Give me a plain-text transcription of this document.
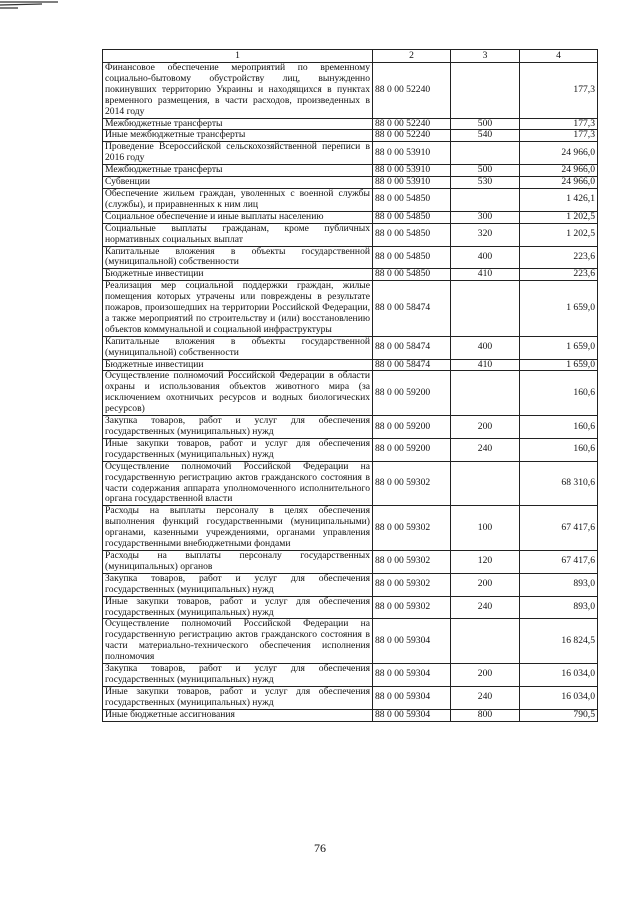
1	2	3	4
Финансовое обеспечение мероприятий по временному социально-бытовому обустройству лиц, вынужденно покинувших территорию Украины и находящихся в пунктах временного размещения, в части расходов, произведенных в 2014 году	88 0 00 52240		177,3
Межбюджетные трансферты	88 0 00 52240	500	177,3
Иные межбюджетные трансферты	88 0 00 52240	540	177,3
Проведение Всероссийской сельскохозяйственной переписи в 2016 году	88 0 00 53910		24 966,0
Межбюджетные трансферты	88 0 00 53910	500	24 966,0
Субвенции	88 0 00 53910	530	24 966,0
Обеспечение жильем граждан, уволенных с военной службы (службы), и приравненных к ним лиц	88 0 00 54850		1 426,1
Социальное обеспечение и иные выплаты населению	88 0 00 54850	300	1 202,5
Социальные выплаты гражданам, кроме публичных нормативных социальных выплат	88 0 00 54850	320	1 202,5
Капитальные вложения в объекты государственной (муниципальной) собственности	88 0 00 54850	400	223,6
Бюджетные инвестиции	88 0 00 54850	410	223,6
Реализация мер социальной поддержки граждан, жилые помещения которых утрачены или повреждены в результате пожаров, произошедших на территории Российской Федерации, а также мероприятий по строительству и (или) восстановлению объектов коммунальной и социальной инфраструктуры	88 0 00 58474		1 659,0
Капитальные вложения в объекты государственной (муниципальной) собственности	88 0 00 58474	400	1 659,0
Бюджетные инвестиции	88 0 00 58474	410	1 659,0
Осуществление полномочий Российской Федерации в области охраны и использования объектов животного мира (за исключением охотничьих ресурсов и водных биологических ресурсов)	88 0 00 59200		160,6
Закупка товаров, работ и услуг для обеспечения государственных (муниципальных) нужд	88 0 00 59200	200	160,6
Иные закупки товаров, работ и услуг для обеспечения государственных (муниципальных) нужд	88 0 00 59200	240	160,6
Осуществление полномочий Российской Федерации на государственную регистрацию актов гражданского состояния в части содержания аппарата уполномоченного исполнительного органа государственной власти	88 0 00 59302		68 310,6
Расходы на выплаты персоналу в целях обеспечения выполнения функций государственными (муниципальными) органами, казенными учреждениями, органами управления государственными внебюджетными фондами	88 0 00 59302	100	67 417,6
Расходы на выплаты персоналу государственных (муниципальных) органов	88 0 00 59302	120	67 417,6
Закупка товаров, работ и услуг для обеспечения государственных (муниципальных) нужд	88 0 00 59302	200	893,0
Иные закупки товаров, работ и услуг для обеспечения государственных (муниципальных) нужд	88 0 00 59302	240	893,0
Осуществление полномочий Российской Федерации на государственную регистрацию актов гражданского состояния в части материально-технического обеспечения исполнения полномочия	88 0 00 59304		16 824,5
Закупка товаров, работ и услуг для обеспечения государственных (муниципальных) нужд	88 0 00 59304	200	16 034,0
Иные закупки товаров, работ и услуг для обеспечения государственных (муниципальных) нужд	88 0 00 59304	240	16 034,0
Иные бюджетные ассигнования	88 0 00 59304	800	790,5
76
